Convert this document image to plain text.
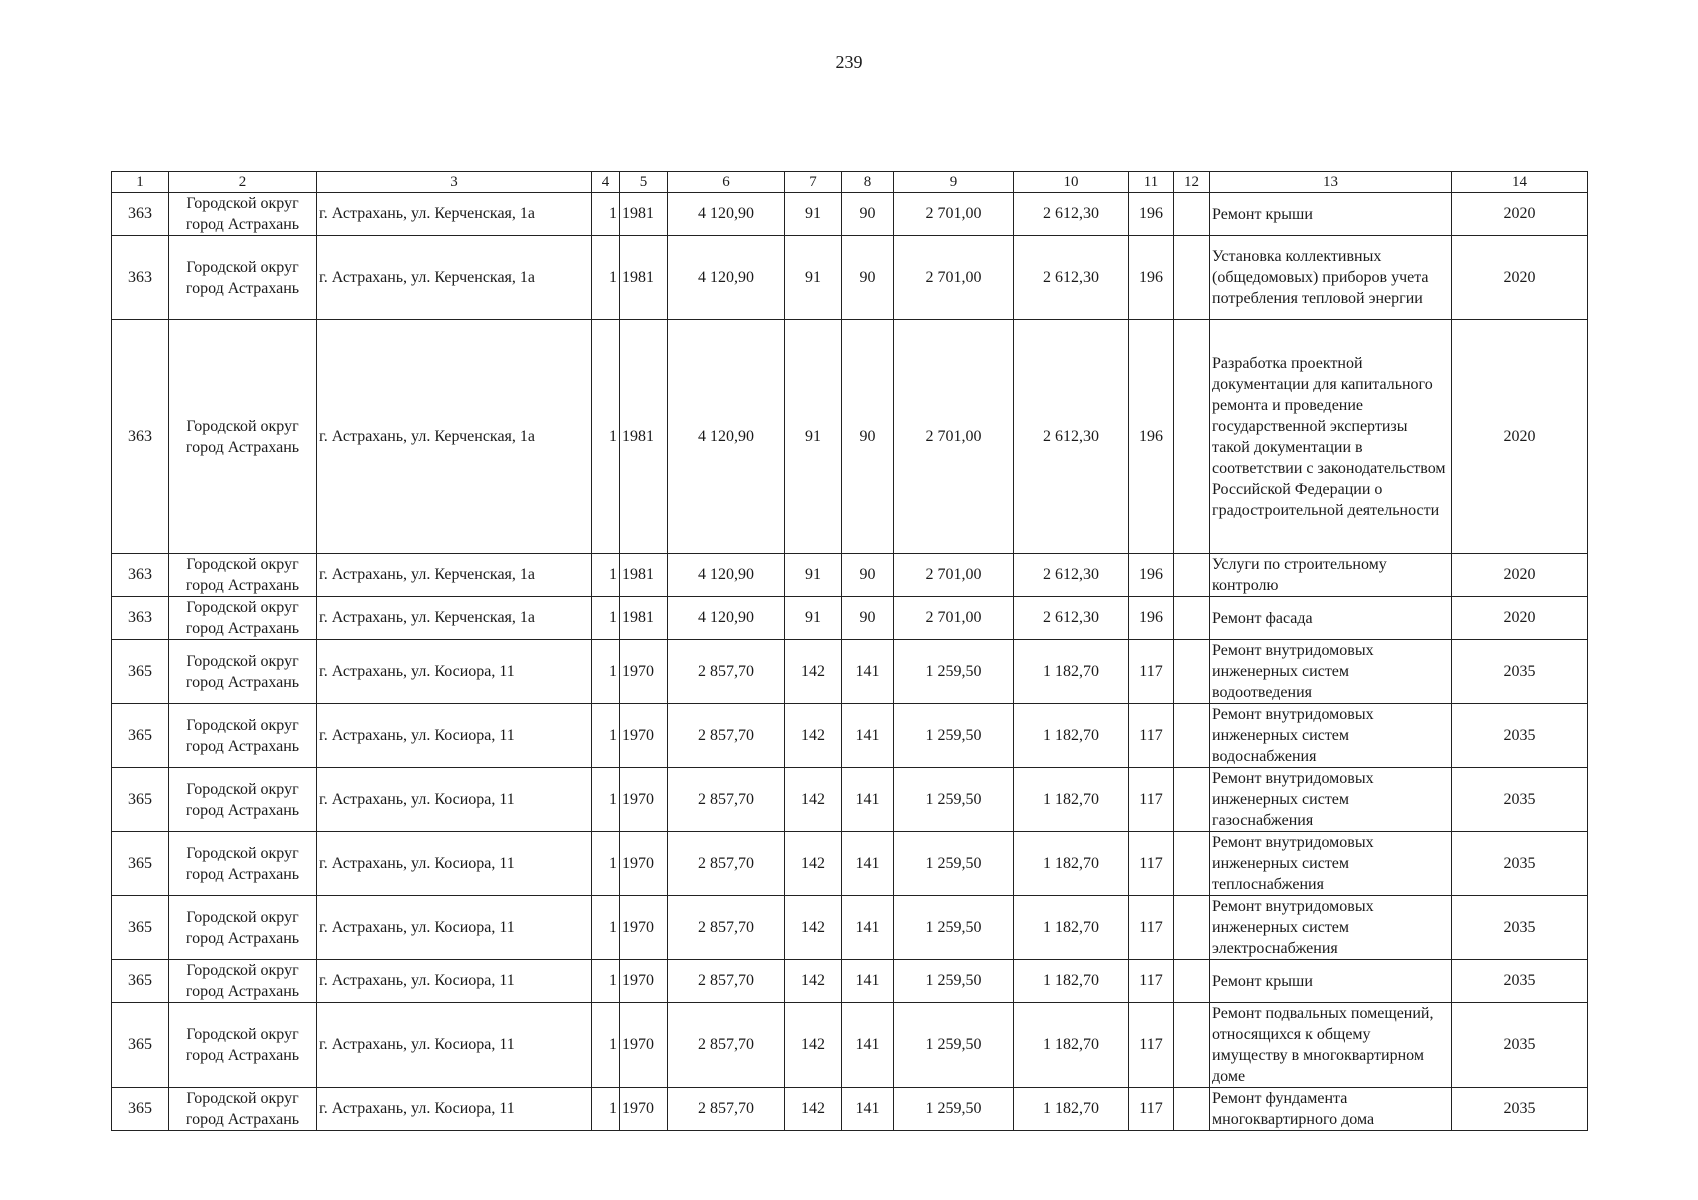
239
1	2	3	4	5	6	7	8	9	10	11	12	13	14
363	Городской округ город Астрахань	г. Астрахань, ул. Керченская, 1а	1	1981	4 120,90	91	90	2 701,00	2 612,30	196		Ремонт крыши	2020
363	Городской округ город Астрахань	г. Астрахань, ул. Керченская, 1а	1	1981	4 120,90	91	90	2 701,00	2 612,30	196		Установка коллективных (общедомовых) приборов учета потребления тепловой энергии	2020
363	Городской округ город Астрахань	г. Астрахань, ул. Керченская, 1а	1	1981	4 120,90	91	90	2 701,00	2 612,30	196		Разработка проектной документации для капитального ремонта и проведение государственной экспертизы такой документации в соответствии с законодательством Российской Федерации о градостроительной деятельности	2020
363	Городской округ город Астрахань	г. Астрахань, ул. Керченская, 1а	1	1981	4 120,90	91	90	2 701,00	2 612,30	196		Услуги по строительному контролю	2020
363	Городской округ город Астрахань	г. Астрахань, ул. Керченская, 1а	1	1981	4 120,90	91	90	2 701,00	2 612,30	196		Ремонт фасада	2020
365	Городской округ город Астрахань	г. Астрахань, ул. Косиора, 11	1	1970	2 857,70	142	141	1 259,50	1 182,70	117		Ремонт внутридомовых инженерных систем водоотведения	2035
365	Городской округ город Астрахань	г. Астрахань, ул. Косиора, 11	1	1970	2 857,70	142	141	1 259,50	1 182,70	117		Ремонт внутридомовых инженерных систем водоснабжения	2035
365	Городской округ город Астрахань	г. Астрахань, ул. Косиора, 11	1	1970	2 857,70	142	141	1 259,50	1 182,70	117		Ремонт внутридомовых инженерных систем газоснабжения	2035
365	Городской округ город Астрахань	г. Астрахань, ул. Косиора, 11	1	1970	2 857,70	142	141	1 259,50	1 182,70	117		Ремонт внутридомовых инженерных систем теплоснабжения	2035
365	Городской округ город Астрахань	г. Астрахань, ул. Косиора, 11	1	1970	2 857,70	142	141	1 259,50	1 182,70	117		Ремонт внутридомовых инженерных систем электроснабжения	2035
365	Городской округ город Астрахань	г. Астрахань, ул. Косиора, 11	1	1970	2 857,70	142	141	1 259,50	1 182,70	117		Ремонт крыши	2035
365	Городской округ город Астрахань	г. Астрахань, ул. Косиора, 11	1	1970	2 857,70	142	141	1 259,50	1 182,70	117		Ремонт подвальных помещений, относящихся к общему имуществу в многоквартирном доме	2035
365	Городской округ город Астрахань	г. Астрахань, ул. Косиора, 11	1	1970	2 857,70	142	141	1 259,50	1 182,70	117		Ремонт фундамента многоквартирного дома	2035
